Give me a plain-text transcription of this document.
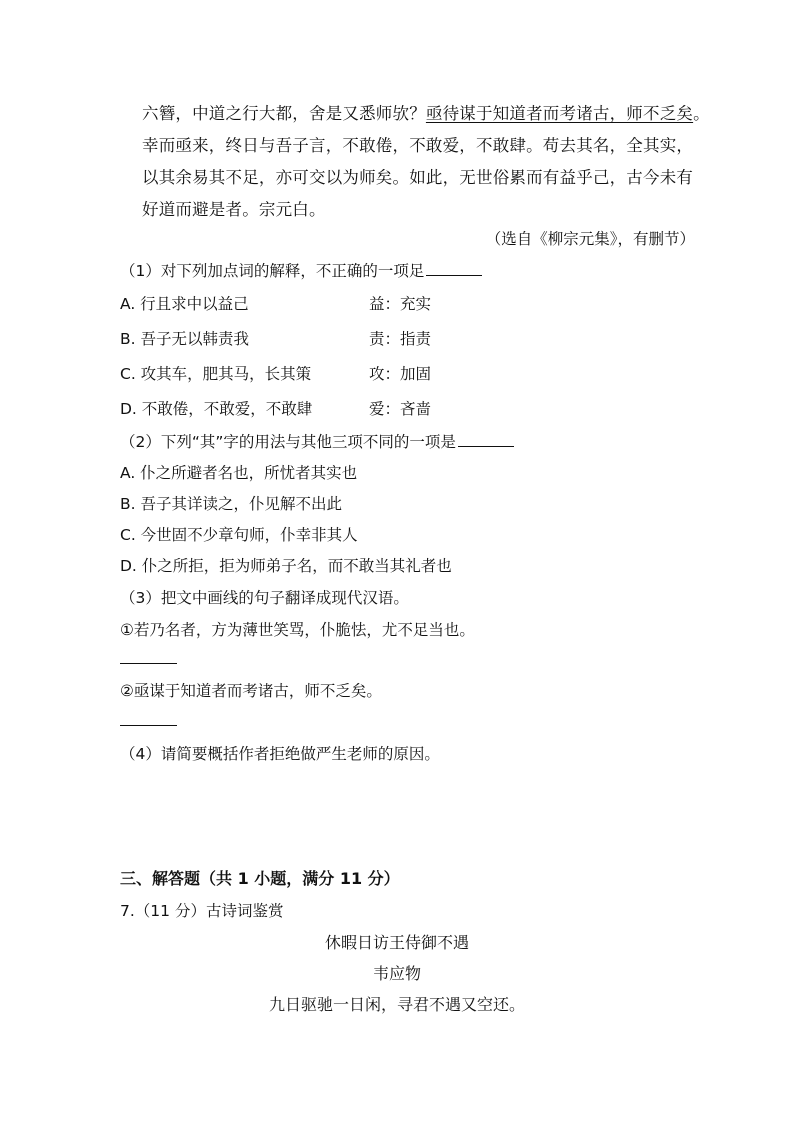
六簪，中道之行大都，舍是又悉师欤？亟待谋于知道者而考诸古，师不乏矣。

幸而亟来，终日与吾子言，不敢倦，不敢爱，不敢肆。苟去其名，全其实，

以其余易其不足，亦可交以为师矣。如此，无世俗累而有益乎己，古今未有

好道而避是者。宗元白。

（选自《柳宗元集》，有删节）
（1）对下列加点词的解释，不正确的一项足
A. 行且求中以益己	益：充实
B. 吾子无以韩责我	责：指责
C. 攻其车，肥其马，长其策	攻：加固
D. 不敢倦，不敢爱，不敢肆	爱：吝啬
（2）下列“其”字的用法与其他三项不同的一项是
A. 仆之所避者名也，所忧者其实也
B. 吾子其详读之，仆见解不出此
C. 今世固不少章句师，仆幸非其人
D. 仆之所拒，拒为师弟子名，而不敢当其礼者也
（3）把文中画线的句子翻译成现代汉语。
①若乃名者，方为薄世笑骂，仆脆怯，尤不足当也。
②亟谋于知道者而考诸古，师不乏矣。
（4）请简要概括作者拒绝做严生老师的原因。
三、解答题（共 1 小题，满分 11 分）
7.（11 分）古诗词鉴赏
休暇日访王侍御不遇
韦应物
九日驱驰一日闲，寻君不遇又空还。
